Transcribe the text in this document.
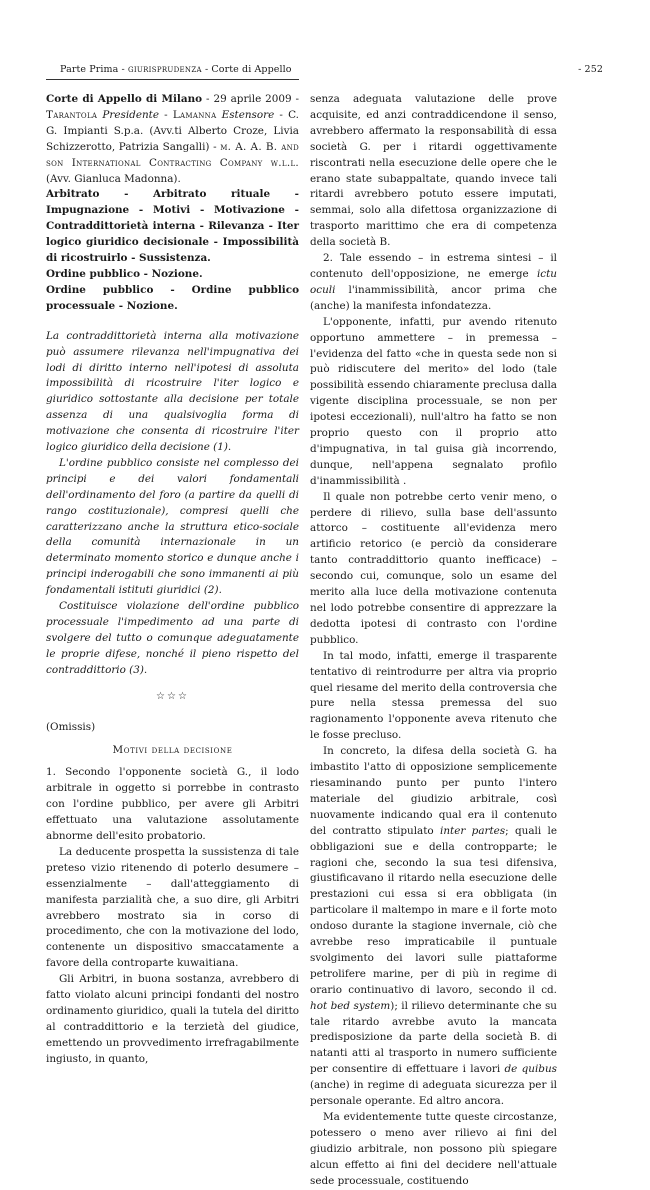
Parte Prima - giurisprudenza - Corte di Appello	- 252

Corte di Appello di Milano - 29 aprile 2009 - Tarantola Presidente - Lamanna Estensore - C. G. Impianti S.p.a. (Avv.ti Alberto Croze, Livia Schizzerotto, Patrizia Sangalli) - m. A. A. B. and son International Contracting Company w.l.l. (Avv. Gianluca Madonna).

Arbitrato - Arbitrato rituale - Impugnazione - Motivi - Motivazione - Contraddittorietà interna - Rilevanza - Iter logico giuridico decisionale - Impossibilità di ricostruirlo - Sussistenza.

Ordine pubblico - Nozione.

Ordine pubblico - Ordine pubblico processuale - Nozione.

La contraddittorietà interna alla motivazione può assumere rilevanza nell'impugnativa dei lodi di diritto interno nell'ipotesi di assoluta impossibilità di ricostruire l'iter logico e giuridico sottostante alla decisione per totale assenza di una qualsivoglia forma di motivazione che consenta di ricostruire l'iter logico giuridico della decisione (1).

L'ordine pubblico consiste nel complesso dei principi e dei valori fondamentali dell'ordinamento del foro (a partire da quelli di rango costituzionale), compresi quelli che caratterizzano anche la struttura etico-sociale della comunità internazionale in un determinato momento storico e dunque anche i principi inderogabili che sono immanenti ai più fondamentali istituti giuridici (2).

Costituisce violazione dell'ordine pubblico processuale l'impedimento ad una parte di svolgere del tutto o comunque adeguatamente le proprie difese, nonché il pieno rispetto del contraddittorio (3).

☆☆☆

(Omissis)

Motivi della decisione

1. Secondo l'opponente società G., il lodo arbitrale in oggetto si porrebbe in contrasto con l'ordine pubblico, per avere gli Arbitri effettuato una valutazione assolutamente abnorme dell'esito probatorio.

La deducente prospetta la sussistenza di tale preteso vizio ritenendo di poterlo desumere – essenzialmente – dall'atteggiamento di manifesta parzialità che, a suo dire, gli Arbitri avrebbero mostrato sia in corso di procedimento, che con la motivazione del lodo, contenente un dispositivo smaccatamente a favore della controparte kuwaitiana.

Gli Arbitri, in buona sostanza, avrebbero di fatto violato alcuni principi fondanti del nostro ordinamento giuridico, quali la tutela del diritto al contraddittorio e la terzietà del giudice, emettendo un provvedimento irrefragabilmente ingiusto, in quanto,

senza adeguata valutazione delle prove acquisite, ed anzi contraddicendone il senso, avrebbero affermato la responsabilità di essa società G. per i ritardi oggettivamente riscontrati nella esecuzione delle opere che le erano state subappaltate, quando invece tali ritardi avrebbero potuto essere imputati, semmai, solo alla difettosa organizzazione di trasporto marittimo che era di competenza della società B.

2. Tale essendo – in estrema sintesi – il contenuto dell'opposizione, ne emerge ictu oculi l'inammissibilità, ancor prima che (anche) la manifesta infondatezza.

L'opponente, infatti, pur avendo ritenuto opportuno ammettere – in premessa – l'evidenza del fatto «che in questa sede non si può ridiscutere del merito» del lodo (tale possibilità essendo chiaramente preclusa dalla vigente disciplina processuale, se non per ipotesi eccezionali), null'altro ha fatto se non proprio questo con il proprio atto d'impugnativa, in tal guisa già incorrendo, dunque, nell'appena segnalato profilo d'inammissibilità .

Il quale non potrebbe certo venir meno, o perdere di rilievo, sulla base dell'assunto attorco – costituente all'evidenza mero artificio retorico (e perciò da considerare tanto contraddittorio quanto inefficace) – secondo cui, comunque, solo un esame del merito alla luce della motivazione contenuta nel lodo potrebbe consentire di apprezzare la dedotta ipotesi di contrasto con l'ordine pubblico.

In tal modo, infatti, emerge il trasparente tentativo di reintrodurre per altra via proprio quel riesame del merito della controversia che pure nella stessa premessa del suo ragionamento l'opponente aveva ritenuto che le fosse precluso.

In concreto, la difesa della società G. ha imbastito l'atto di opposizione semplicemente riesaminando punto per punto l'intero materiale del giudizio arbitrale, così nuovamente indicando qual era il contenuto del contratto stipulato inter partes; quali le obbligazioni sue e della contropparte; le ragioni che, secondo la sua tesi difensiva, giustificavano il ritardo nella esecuzione delle prestazioni cui essa si era obbligata (in particolare il maltempo in mare e il forte moto ondoso durante la stagione invernale, ciò che avrebbe reso impraticabile il puntuale svolgimento dei lavori sulle piattaforme petrolifere marine, per di più in regime di orario continuativo di lavoro, secondo il cd. hot bed system); il rilievo determinante che su tale ritardo avrebbe avuto la mancata predisposizione da parte della società B. di natanti atti al trasporto in numero sufficiente per consentire di effettuare i lavori de quibus (anche) in regime di adeguata sicurezza per il personale operante. Ed altro ancora.

Ma evidentemente tutte queste circostanze, potessero o meno aver rilievo ai fini del giudizio arbitrale, non possono più spiegare alcun effetto ai fini del decidere nell'attuale sede processuale, costituendo
